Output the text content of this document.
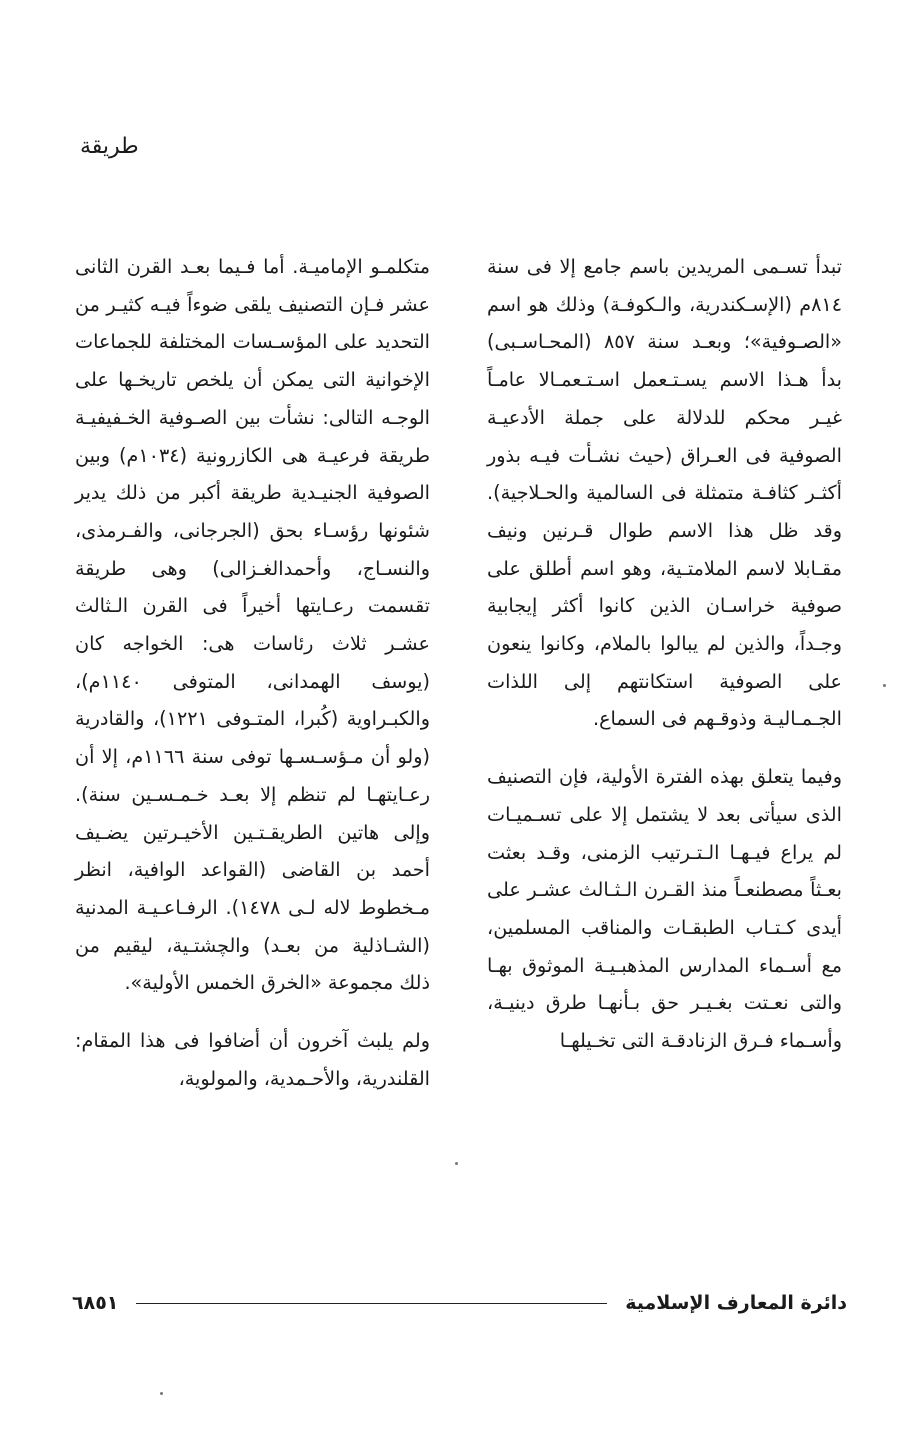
طريقة

تبدأ تسـمى المريدين باسم جامع إلا فى سنة ٨١٤م (الإسـكندرية، والـكوفـة) وذلك هو اسم «الصـوفية»؛ وبعـد سنة ٨٥٧ (المحـاسـبى) بدأ هـذا الاسم يسـتـعمل اسـتـعمـالا عامـاً غيـر محكم للدلالة على جملة الأدعيـة الصوفية فى العـراق (حيث نشـأت فيـه بذور أكثـر كثافـة متمثلة فى السالمية والحـلاجية). وقد ظل هذا الاسم طوال قـرنين ونيف مقـابلا لاسم الملامتـية، وهو اسم أطلق على صوفية خراسـان الذين كانوا أكثر إيجابية وجـداً، والذين لم يبالوا بالملام، وكانوا ينعون على الصوفية استكانتهم إلى اللذات الجـمـاليـة وذوقـهم فى السماع.

وفيما يتعلق بهذه الفترة الأولية، فإن التصنيف الذى سيأتى بعد لا يشتمل إلا على تسـميـات لم يراع فيـهـا الـتـرتيب الزمنى، وقـد بعثت بعـثاً مصطنعـاً منذ القـرن الـثـالث عشـر على أيدى كـتـاب الطبقـات والمناقب المسلمين، مع أسـماء المدارس المذهبـيـة الموثوق بهـا والتى نعـتت بغـيـر حق بـأنهـا طرق دينيـة، وأسـماء فـرق الزنادقـة التى تخـيلهـا

متكلمـو الإماميـة. أما فـيما بعـد القرن الثانى عشر فـإن التصنيف يلقى ضوءاً فيـه كثيـر من التحديد على المؤسـسات المختلفة للجماعات الإخوانية التى يمكن أن يلخص تاريخـها على الوجـه التالى: نشأت بين الصـوفية الخـفيفيـة طريقة فرعيـة هى الكازرونية (١٠٣٤م) وبين الصوفية الجنيـدية طريقة أكبر من ذلك يدير شئونها رؤسـاء بحق (الجرجانى، والفـرمذى، والنسـاج، وأحمدالغـزالى) وهى طريقة تقسمت رعـايتها أخيراً فى القرن الـثالث عشـر ثلاث رئاسات هى: الخواجه كان (يوسف الهمدانى، المتوفى ١١٤٠م)، والكبـراوية (كُبرا، المتـوفى ١٢٢١)، والقادرية (ولو أن مـؤسـسـها توفى سنة ١١٦٦م، إلا أن رعـايتهـا لم تنظم إلا بعـد خـمـسـين سنة). وإلى هاتين الطريقـتـين الأخيـرتين يضـيف أحمد بن القاضى (القواعد الوافية، انظر مـخطوط لاله لـى ١٤٧٨). الرفـاعـيـة المدنية (الشـاذلية من بعـد) والچشتـية، ليقيم من ذلك مجموعة «الخرق الخمس الأولية».

ولم يلبث آخرون أن أضافوا فى هذا المقام: القلندرية، والأحـمدية، والمولوية،

دائرة المعارف الإسلامية
٦٨٥١
